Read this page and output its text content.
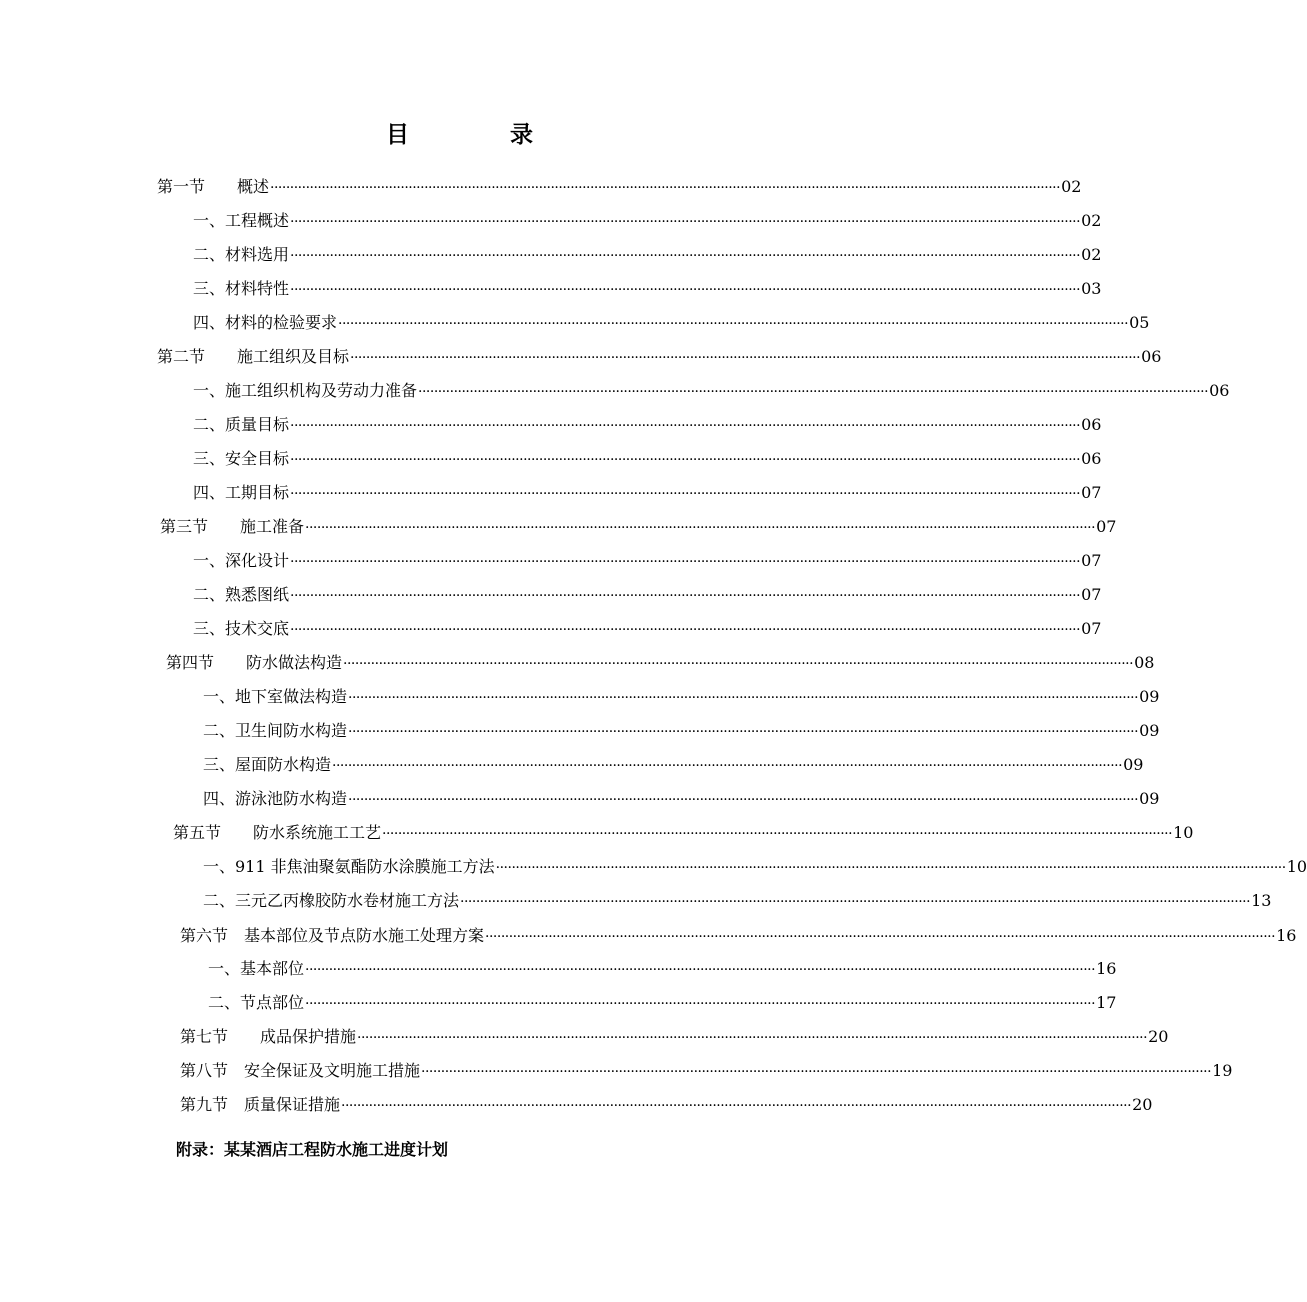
目	录
第一节　　概述 ········································································································································································································ 02
一、工程概述 ········································································································································································································ 02
二、材料选用 ········································································································································································································ 02
三、材料特性 ········································································································································································································ 03
四、材料的检验要求 ········································································································································································································ 05
第二节　　施工组织及目标 ········································································································································································································ 06
一、施工组织机构及劳动力准备 ········································································································································································································ 06
二、质量目标 ········································································································································································································ 06
三、安全目标 ········································································································································································································ 06
四、工期目标 ········································································································································································································ 07
第三节　　施工准备 ········································································································································································································ 07
一、深化设计 ········································································································································································································ 07
二、熟悉图纸 ········································································································································································································ 07
三、技术交底 ········································································································································································································ 07
第四节　　防水做法构造 ········································································································································································································ 08
一、地下室做法构造 ········································································································································································································ 09
二、卫生间防水构造 ········································································································································································································ 09
三、屋面防水构造 ········································································································································································································ 09
四、游泳池防水构造 ········································································································································································································ 09
第五节　　防水系统施工工艺 ········································································································································································································ 10
一、911 非焦油聚氨酯防水涂膜施工方法 ········································································································································································································ 10
二、三元乙丙橡胶防水卷材施工方法 ········································································································································································································ 13
第六节　基本部位及节点防水施工处理方案 ········································································································································································································ 16
一、基本部位 ········································································································································································································ 16
二、节点部位 ········································································································································································································ 17
第七节　　成品保护措施 ········································································································································································································ 20
第八节　安全保证及文明施工措施 ········································································································································································································ 19
第九节　质量保证措施 ········································································································································································································ 20
附录：某某酒店工程防水施工进度计划
